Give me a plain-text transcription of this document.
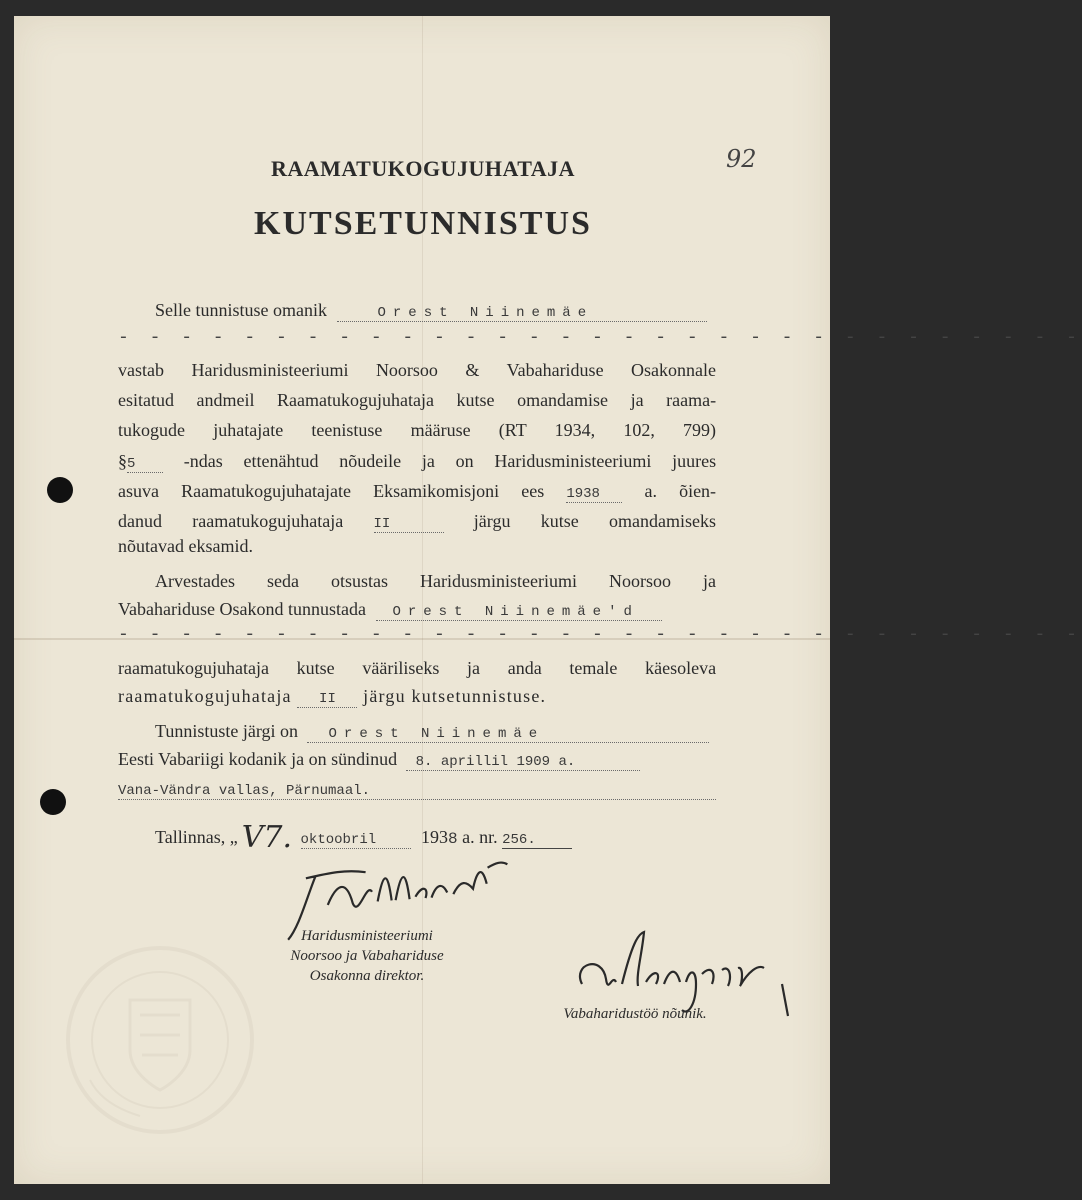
92
RAAMATUKOGUJUHATAJA
KUTSETUNNISTUS
Selle tunnistuse omanik	Orest Niinemäe
- - - - - - - - - - - - - - - - - - - - - - - - - - - - - - -
vastab Haridusministeeriumi Noorsoo & Vabahariduse Osakonnale
esitatud andmeil Raamatukogujuhataja kutse omandamise ja raama-
tukogude juhatajate teenistuse määruse (RT 1934, 102, 799)
§5	-ndas ettenähtud nõudeile ja on Haridusministeeriumi juures
asuva Raamatukogujuhatajate Eksamikomisjoni ees 1938 a. õien-
danud raamatukogujuhataja II	järgu kutse omandamiseks
nõutavad eksamid.
Arvestades seda otsustas Haridusministeeriumi Noorsoo ja
Vabahariduse Osakond tunnustada Orest Niinemäe'd
- - - - - - - - - - - - - - - - - - - - - - - - - - - - - - -
raamatukogujuhataja kutse vääriliseks ja anda temale käesoleva
raamatukogujuhataja II järgu kutsetunnistuse.
Tunnistuste järgi on Orest Niinemäe
Eesti Vabariigi kodanik ja on sündinud 8. aprillil 1909 a.
Vana-Vändra vallas, Pärnumaal.
Tallinnas, „ V7. oktoobril 1938 a. nr. 256.
Haridusministeeriumi
Noorsoo ja Vabahariduse
Osakonna direktor.
Vabaharidustöö nõunik.
